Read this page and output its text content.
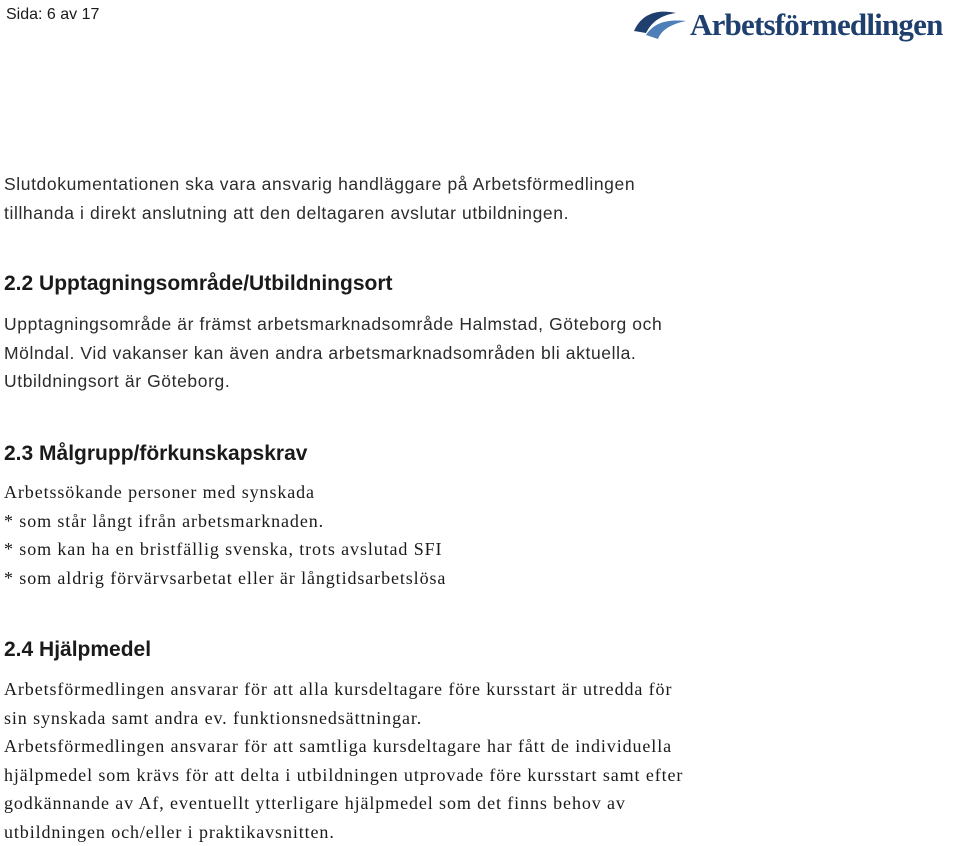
Sida: 6 av 17	Arbetsförmedlingen
Slutdokumentationen ska vara ansvarig handläggare på Arbetsförmedlingen
tillhanda i direkt anslutning att den deltagaren avslutar utbildningen.
2.2 Upptagningsområde/Utbildningsort
Upptagningsområde är främst arbetsmarknadsområde Halmstad, Göteborg och
Mölndal. Vid vakanser kan även andra arbetsmarknadsområden bli aktuella.
Utbildningsort är Göteborg.
2.3 Målgrupp/förkunskapskrav
Arbetssökande personer med synskada
* som står långt ifrån arbetsmarknaden.
* som kan ha en bristfällig svenska, trots avslutad SFI
* som aldrig förvärvsarbetat eller är långtidsarbetslösa
2.4 Hjälpmedel
Arbetsförmedlingen ansvarar för att alla kursdeltagare före kursstart är utredda för
sin synskada samt andra ev. funktionsnedsättningar.
Arbetsförmedlingen ansvarar för att samtliga kursdeltagare har fått de individuella
hjälpmedel som krävs för att delta i utbildningen utprovade före kursstart samt efter
godkännande av Af, eventuellt ytterligare hjälpmedel som det finns behov av
utbildningen och/eller i praktikavsnitten.
